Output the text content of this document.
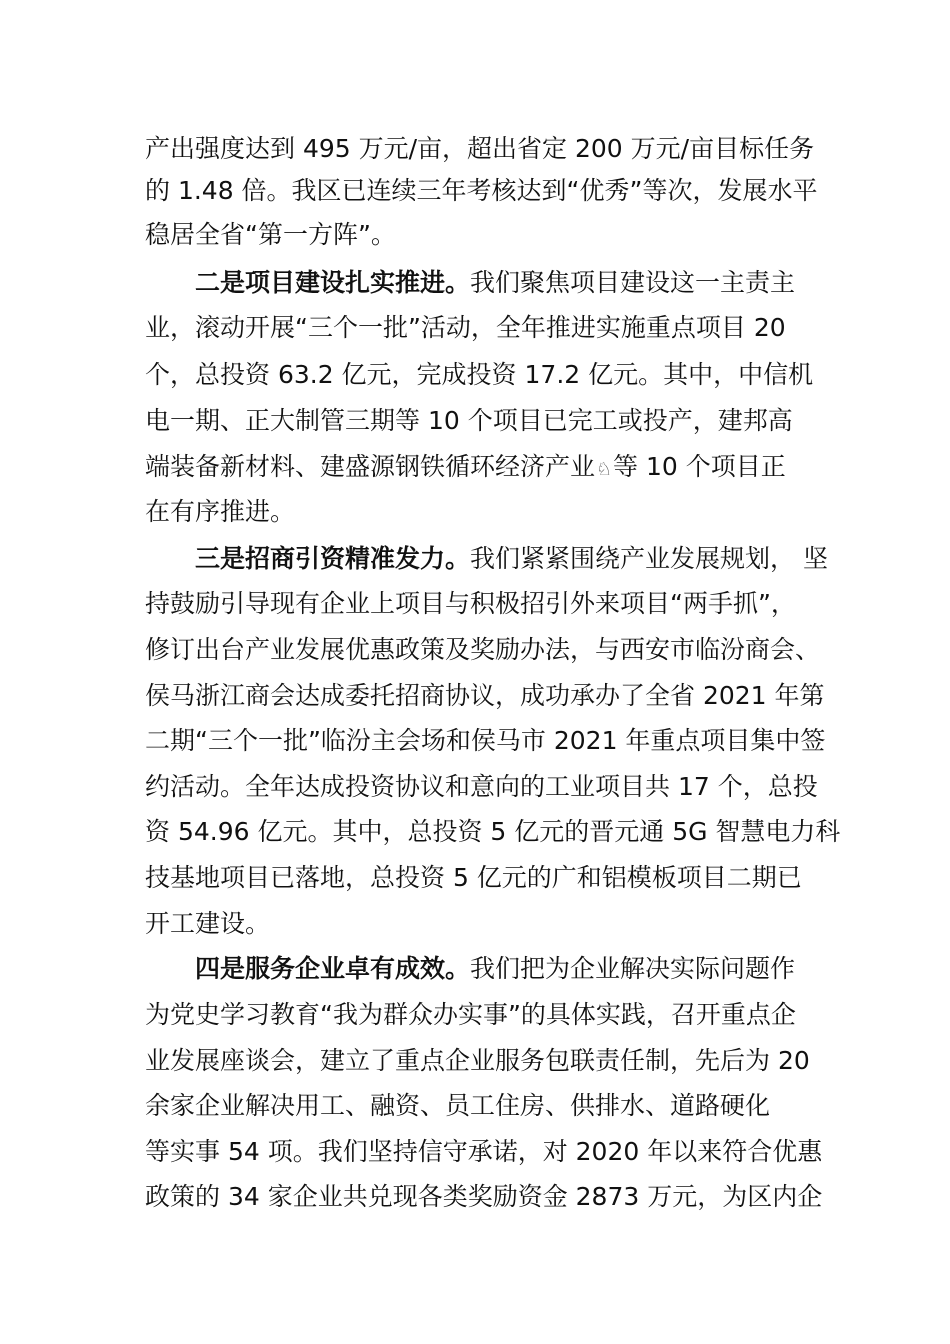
产出强度达到 495 万元/亩，超出省定 200 万元/亩目标任务
的 1.48 倍。我区已连续三年考核达到“优秀”等次，发展水平
稳居全省“第一方阵”。
二是项目建设扎实推进。我们聚焦项目建设这一主责主
业，滚动开展“三个一批”活动，全年推进实施重点项目 20
个，总投资 63.2 亿元，完成投资 17.2 亿元。其中，中信机
电一期、正大制管三期等 10 个项目已完工或投产，建邦高
端装备新材料、建盛源钢铁循环经济产业♘等 10 个项目正
在有序推进。
三是招商引资精准发力。我们紧紧围绕产业发展规划， 坚
持鼓励引导现有企业上项目与积极招引外来项目“两手抓”，
修订出台产业发展优惠政策及奖励办法，与西安市临汾商会、
侯马浙江商会达成委托招商协议，成功承办了全省 2021 年第
二期“三个一批”临汾主会场和侯马市 2021 年重点项目集中签
约活动。全年达成投资协议和意向的工业项目共 17 个，总投
资 54.96 亿元。其中，总投资 5 亿元的晋元通 5G 智慧电力科
技基地项目已落地，总投资 5 亿元的广和铝模板项目二期已
开工建设。
四是服务企业卓有成效。我们把为企业解决实际问题作
为党史学习教育“我为群众办实事”的具体实践，召开重点企
业发展座谈会，建立了重点企业服务包联责任制，先后为 20
余家企业解决用工、融资、员工住房、供排水、道路硬化
等实事 54 项。我们坚持信守承诺，对 2020 年以来符合优惠
政策的 34 家企业共兑现各类奖励资金 2873 万元，为区内企
